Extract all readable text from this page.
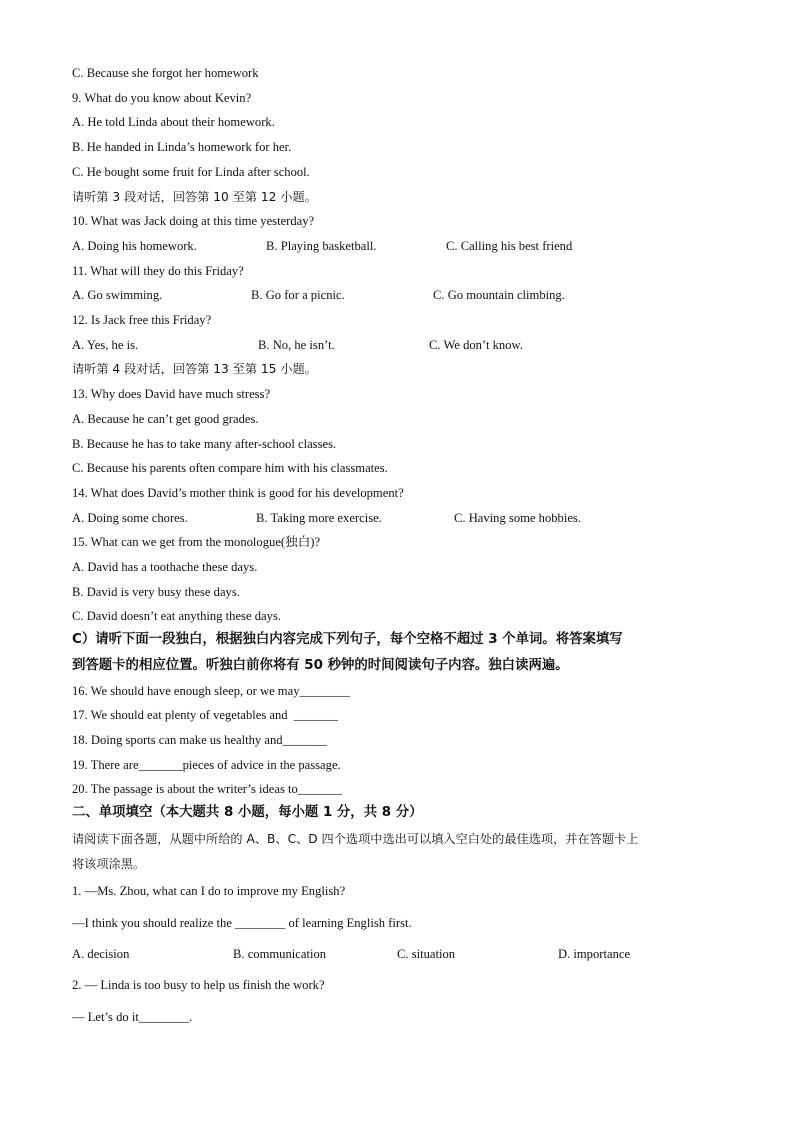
C. Because she forgot her homework
9. What do you know about Kevin?
A. He told Linda about their homework.
B. He handed in Linda’s homework for her.
C. He bought some fruit for Linda after school.
请听第 3 段对话，回答第 10 至第 12 小题。
10. What was Jack doing at this time yesterday?
A. Doing his homework.	B. Playing basketball.	C. Calling his best friend
11. What will they do this Friday?
A. Go swimming.	B. Go for a picnic.	C. Go mountain climbing.
12. Is Jack free this Friday?
A. Yes, he is.	B. No, he isn’t.	C. We don’t know.
请听第 4 段对话，回答第 13 至第 15 小题。
13. Why does David have much stress?
A. Because he can’t get good grades.
B. Because he has to take many after-school classes.
C. Because his parents often compare him with his classmates.
14. What does David’s mother think is good for his development?
A. Doing some chores.	B. Taking more exercise.	C. Having some hobbies.
15. What can we get from the monologue(独白)?
A. David has a toothache these days.
B. David is very busy these days.
C. David doesn’t eat anything these days.
C）请听下面一段独白，根据独白内容完成下列句子，每个空格不超过 3 个单词。将答案填写
到答题卡的相应位置。听独白前你将有 50 秒钟的时间阅读句子内容。独白读两遍。
16. We should have enough sleep, or we may________
17. We should eat plenty of vegetables and  _______
18. Doing sports can make us healthy and_______
19. There are_______pieces of advice in the passage.
20. The passage is about the writer’s ideas to_______
二、单项填空（本大题共 8 小题，每小题 1 分，共 8 分）
请阅读下面各题，从题中所给的 A、B、C、D 四个选项中选出可以填入空白处的最佳选项，并在答题卡上
将该项涂黑。
1. —Ms. Zhou, what can I do to improve my English?
—I think you should realize the ________ of learning English first.
A. decision	B. communication	C. situation	D. importance
2. — Linda is too busy to help us finish the work?
— Let’s do it________.
